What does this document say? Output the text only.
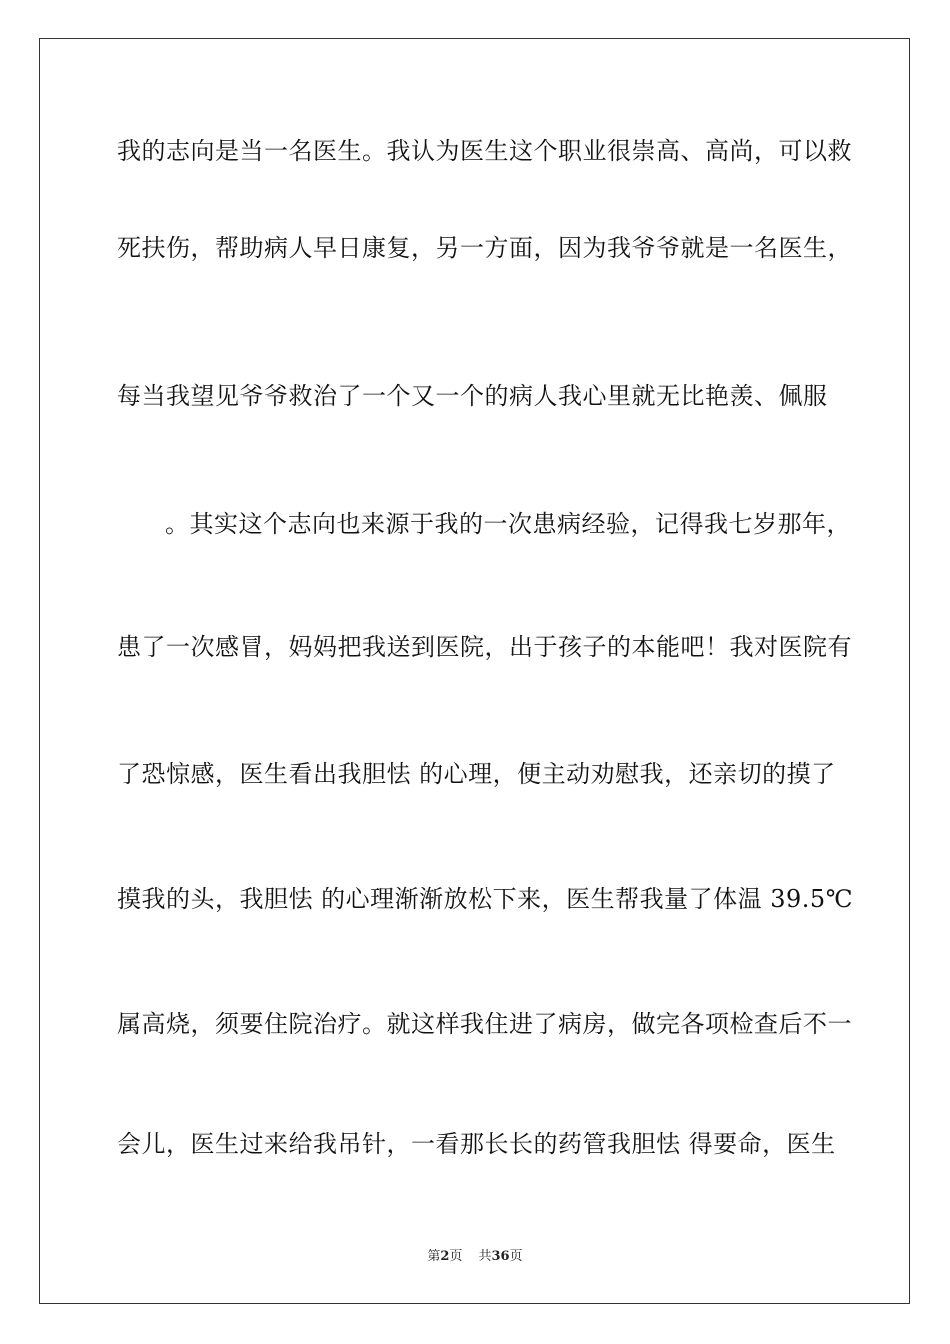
我的志向是当一名医生。我认为医生这个职业很崇高、高尚，可以救
死扶伤，帮助病人早日康复，另一方面，因为我爷爷就是一名医生，
每当我望见爷爷救治了一个又一个的病人我心里就无比艳羡、佩服
。其实这个志向也来源于我的一次患病经验，记得我七岁那年，
患了一次感冒，妈妈把我送到医院，出于孩子的本能吧！我对医院有
了恐惊感，医生看出我胆怯 的心理，便主动劝慰我，还亲切的摸了
摸我的头，我胆怯 的心理渐渐放松下来，医生帮我量了体温 39.5℃
属高烧，须要住院治疗。就这样我住进了病房，做完各项检查后不一
会儿，医生过来给我吊针，一看那长长的药管我胆怯 得要命，医生
第2页 共36页
